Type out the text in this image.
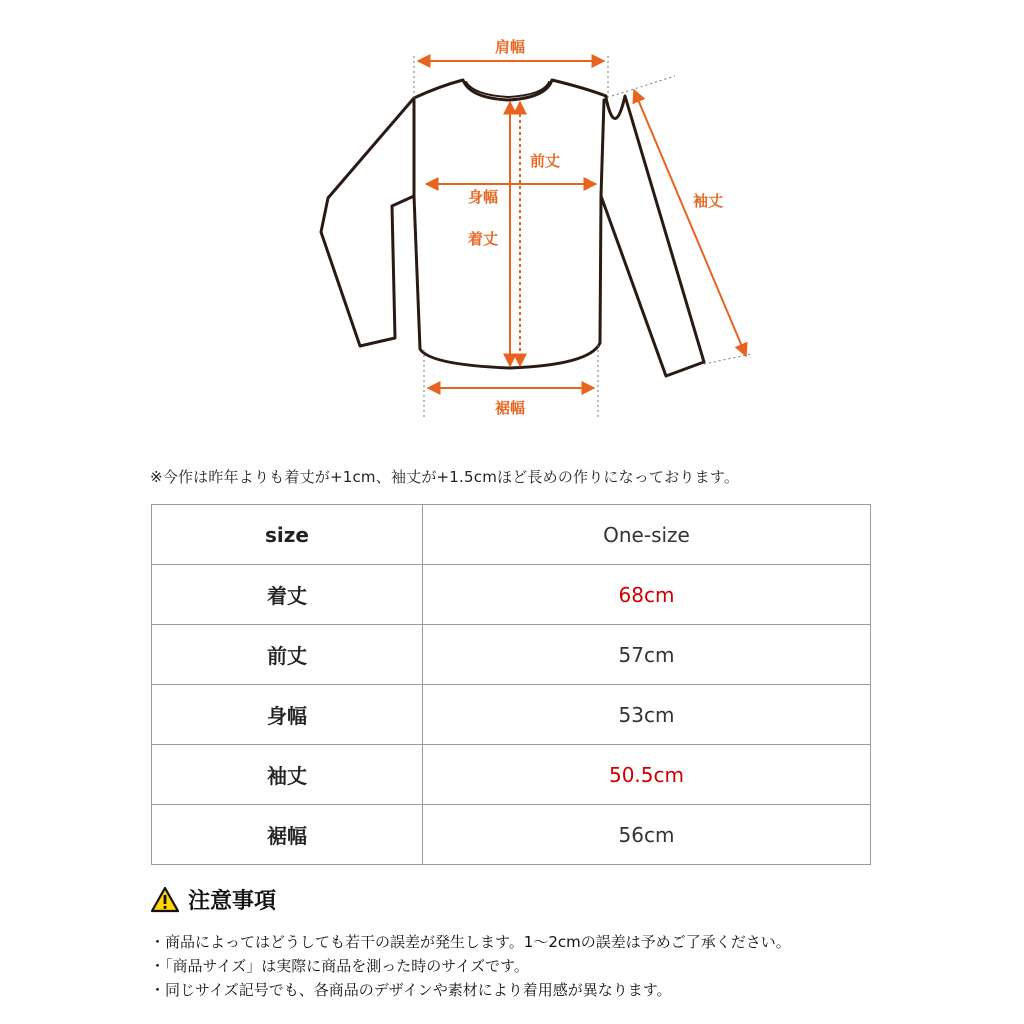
肩幅
前丈
身幅
着丈
袖丈
裾幅
※今作は昨年よりも着丈が+1cm、袖丈が+1.5cmほど長めの作りになっております。
size	One-size
着丈	68cm
前丈	57cm
身幅	53cm
袖丈	50.5cm
裾幅	56cm
注意事項
・商品によってはどうしても若干の誤差が発生します。1〜2cmの誤差は予めご了承ください。
・「商品サイズ」は実際に商品を測った時のサイズです。
・同じサイズ記号でも、各商品のデザインや素材により着用感が異なります。
